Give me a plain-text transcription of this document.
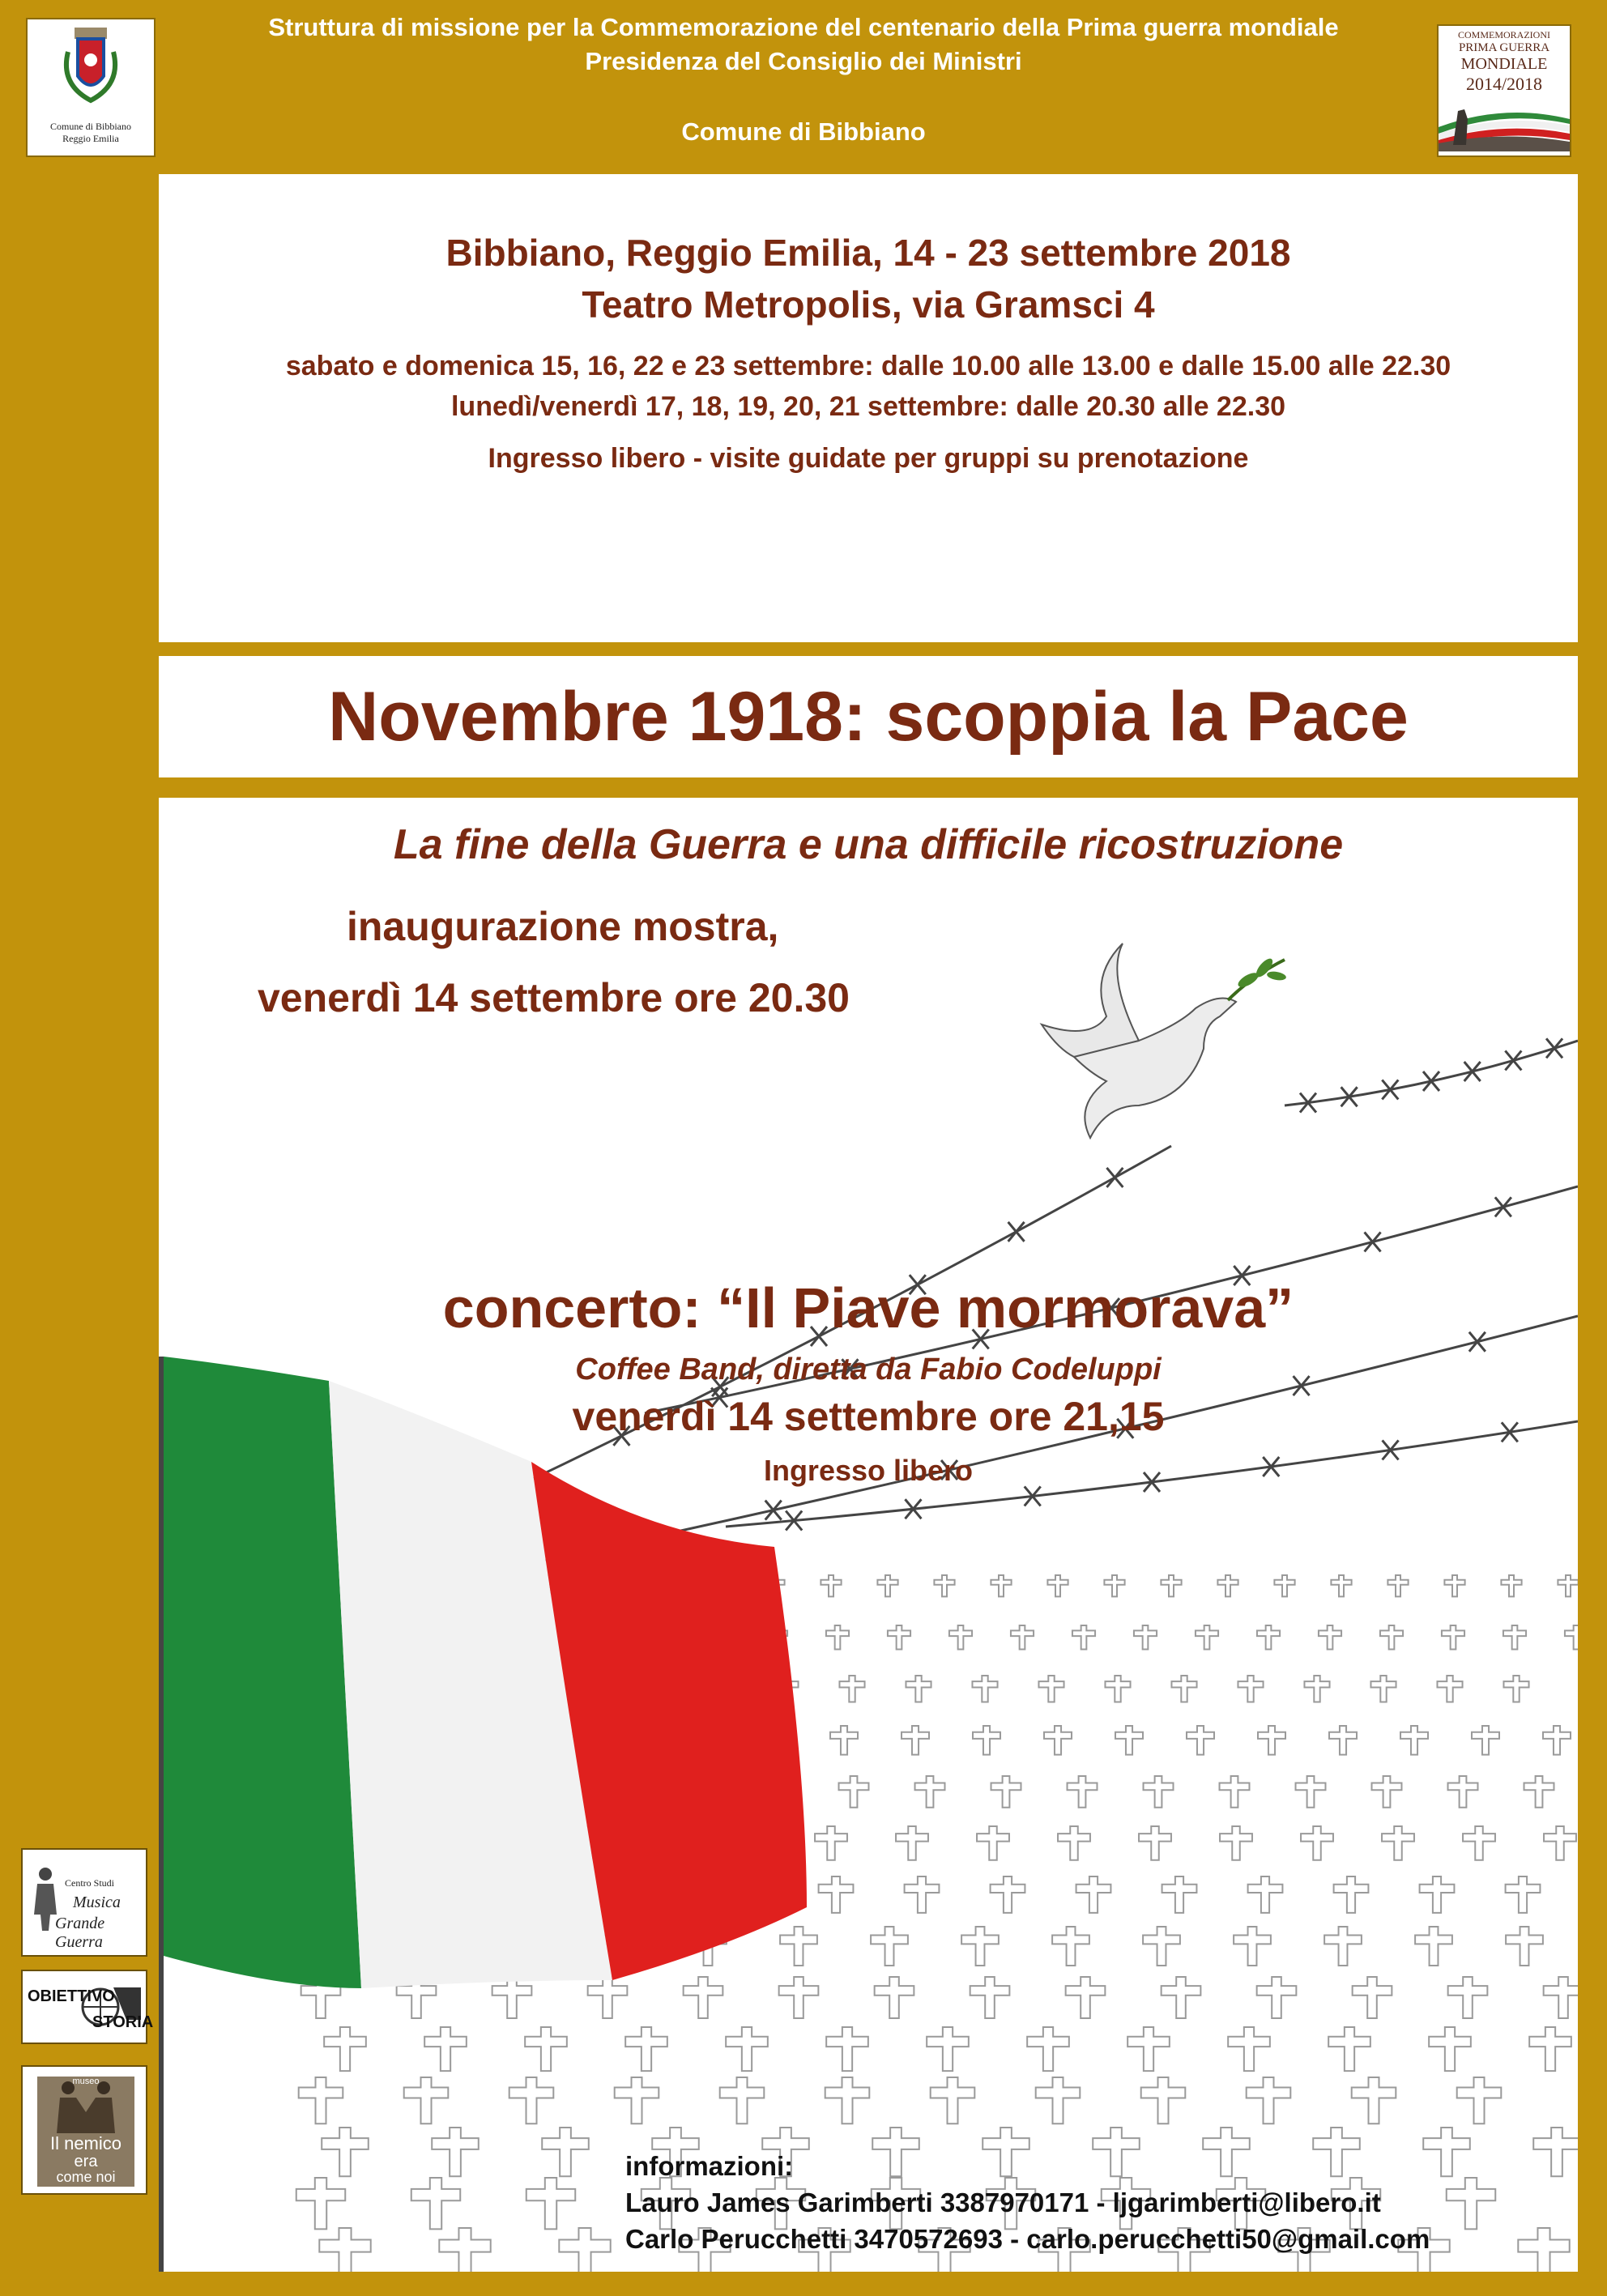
Comune di Bibbiano
Reggio Emilia
Struttura di missione per la Commemorazione del centenario della Prima guerra mondiale
Presidenza del Consiglio dei Ministri
Comune di Bibbiano
COMMEMORAZIONI
PRIMA GUERRA
MONDIALE
2014/2018
Bibbiano, Reggio Emilia, 14 - 23 settembre 2018
Teatro Metropolis, via Gramsci 4
sabato e domenica 15, 16, 22 e 23 settembre: dalle 10.00 alle 13.00 e dalle 15.00 alle 22.30
lunedì/venerdì 17, 18, 19, 20, 21 settembre: dalle 20.30 alle 22.30
Ingresso libero - visite guidate per gruppi su prenotazione
Novembre 1918: scoppia la Pace
La fine della Guerra e una difficile ricostruzione
inaugurazione mostra,
venerdì 14 settembre ore 20.30
concerto: “Il Piave mormorava”
Coffee Band, diretta da Fabio Codeluppi
venerdì 14 settembre ore 21,15
Ingresso libero
Centro Studi
Musica
Grande Guerra
OBIETTIVO
STORIA
museo
Il nemico
era
come noi	informazioni:
Lauro James Garimberti 3387970171 - ljgarimberti@libero.it
Carlo Perucchetti 3470572693 - carlo.perucchetti50@gmail.com
